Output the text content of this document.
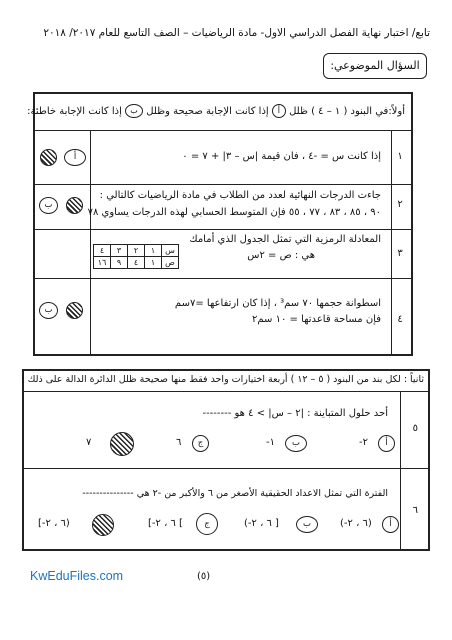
تابع/ اختبار نهاية الفصل الدراسي الاول- مادة الرياضيات – الصف التاسع للعام ٢٠١٧/ ٢٠١٨
السؤال الموضوعي:
أولاً:في البنود ( ١ – ٤ ) ظلل أ إذا كانت الإجابة صحيحة وظلل ب إذا كانت الإجابة خاطئة:
١
إذا كانت س = -٤ ، فان قيمة |س – ٣| + ٧ = ٠
أ
٢
جاءت الدرجات النهائية لعدد من الطلاب في مادة الرياضيات كالتالي :
٩٠ ، ٨٥ ، ٨٣ ، ٧٧ ، ٥٥ فإن المتوسط الحسابي لهذه الدرجات يساوي ٧٨
ب
٣
المعادلة الرمزية التي تمثل الجدول الذي أمامك
هي : ص = ٢س
س	١	٢	٣	٤
ص	١	٤	٩	١٦
٤
اسطوانة حجمها ٧٠ سم³ ، إذا كان ارتفاعها =٧سم
فإن مساحة قاعدتها = ١٠ سم٢
ب
ثانياً : لكل بند من البنود ( ٥ – ١٢ ) أربعة اختيارات واحد فقط منها صحيحة ظلل الدائرة الدالة على ذلك :
٥
أحد حلول المتباينة : |٢ – س| > ٤ هو --------
٢-	أ
١-	ب
٦	ج
٧
٦
الفترة التي تمثل الاعداد الحقيقية الأصغر من ٦ والأكبر من -٢ هي ---------------
(٦ ، ٢-)	أ
[ ٦ ، ٢-)	ب
] ٦ ، ٢-]	ج
(٦ ، ٢-]
(٥)
KwEduFiles.com
